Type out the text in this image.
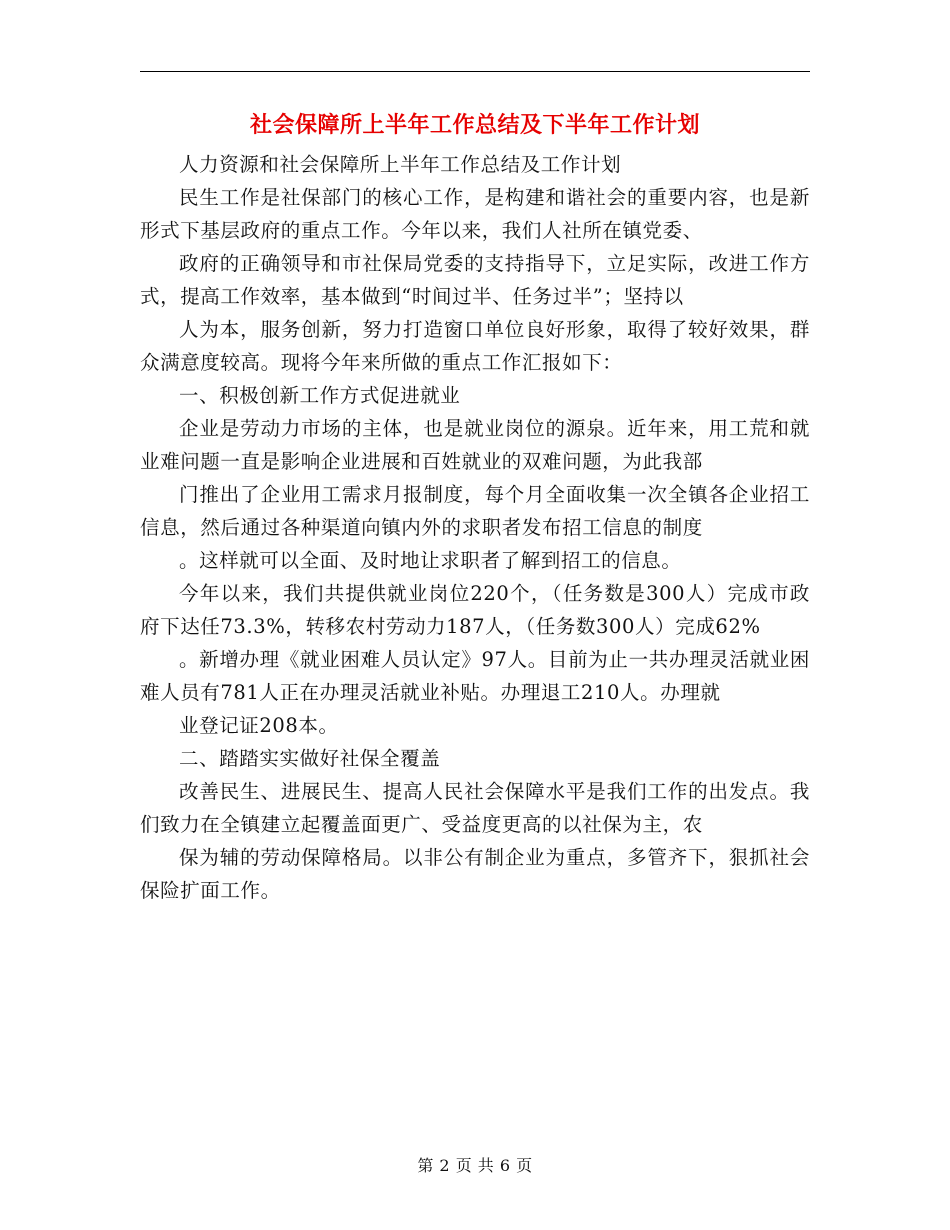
社会保障所上半年工作总结及下半年工作计划

人力资源和社会保障所上半年工作总结及工作计划

民生工作是社保部门的核心工作，是构建和谐社会的重要内容，也是新形式下基层政府的重点工作。今年以来，我们人社所在镇党委、

政府的正确领导和市社保局党委的支持指导下，立足实际，改进工作方式，提高工作效率，基本做到“时间过半、任务过半”；坚持以

人为本，服务创新，努力打造窗口单位良好形象，取得了较好效果，群众满意度较高。现将今年来所做的重点工作汇报如下：

一、积极创新工作方式促进就业

企业是劳动力市场的主体，也是就业岗位的源泉。近年来，用工荒和就业难问题一直是影响企业进展和百姓就业的双难问题，为此我部

门推出了企业用工需求月报制度，每个月全面收集一次全镇各企业招工信息，然后通过各种渠道向镇内外的求职者发布招工信息的制度

。这样就可以全面、及时地让求职者了解到招工的信息。

今年以来，我们共提供就业岗位220个，（任务数是300人）完成市政府下达任73.3%，转移农村劳动力187人，（任务数300人）完成62%

。新增办理《就业困难人员认定》97人。目前为止一共办理灵活就业困难人员有781人正在办理灵活就业补贴。办理退工210人。办理就

业登记证208本。

二、踏踏实实做好社保全覆盖

改善民生、进展民生、提高人民社会保障水平是我们工作的出发点。我们致力在全镇建立起覆盖面更广、受益度更高的以社保为主，农

保为辅的劳动保障格局。以非公有制企业为重点，多管齐下，狠抓社会保险扩面工作。

第 2 页 共 6 页
